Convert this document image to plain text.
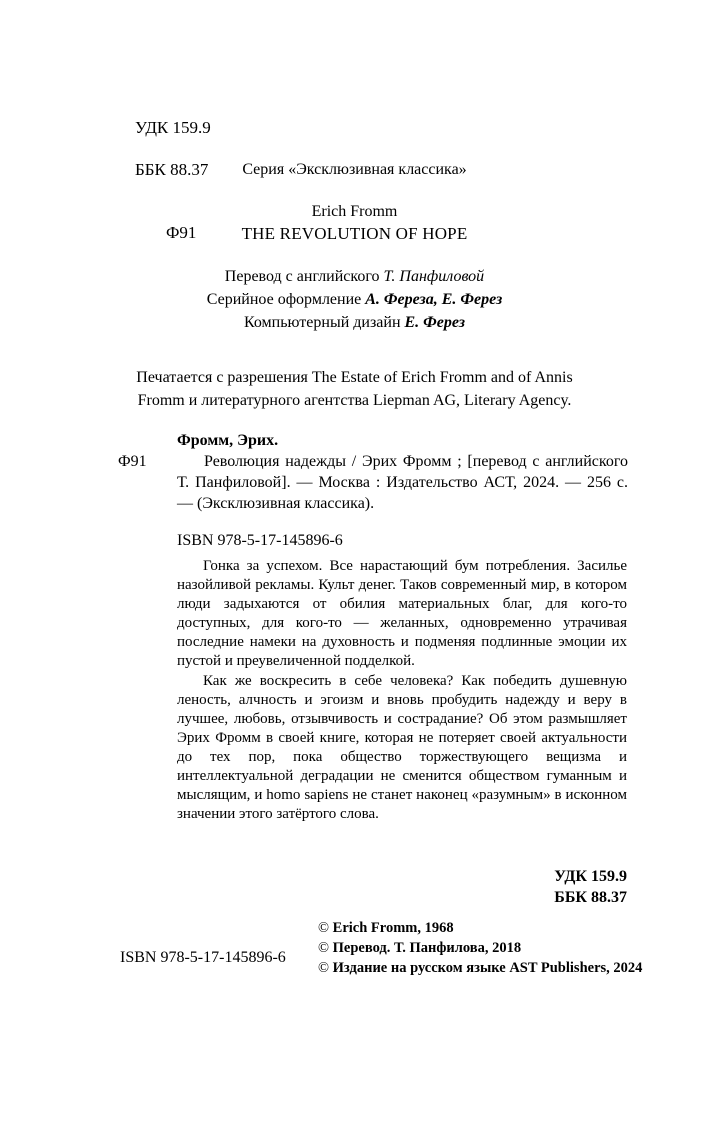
УДК 159.9

ББК 88.37

Ф91

Серия «Эксклюзивная классика»
Erich Fromm
THE REVOLUTION OF HOPE
Перевод с английского Т. Панфиловой
Серийное оформление А. Фереза, Е. Ферез
Компьютерный дизайн Е. Ферез
Печатается с разрешения The Estate of Erich Fromm and of Annis
Fromm и литературного агентства Liepman AG, Literary Agency.
Фромм, Эрих.
Ф91	Революция надежды / Эрих Фромм ; [перевод с английского Т. Панфиловой]. — Москва : Издательство АСТ, 2024. — 256 с. — (Эксклюзивная классика).
ISBN 978-5-17-145896-6

Гонка за успехом. Все нарастающий бум потребления. Засилье назойливой рекламы. Культ денег. Таков современный мир, в котором люди задыхаются от обилия материальных благ, для кого-то доступных, для кого-то — желанных, одновременно утрачивая последние намеки на духовность и подменяя подлинные эмоции их пустой и преувеличенной подделкой.

Как же воскресить в себе человека? Как победить душевную леность, алчность и эгоизм и вновь пробудить надежду и веру в лучшее, любовь, отзывчивость и сострадание? Об этом размышляет Эрих Фромм в своей книге, которая не потеряет своей актуальности до тех пор, пока общество торжествующего вещизма и интеллектуальной деградации не сменится обществом гуманным и мыслящим, и homo sapiens не станет наконец «разумным» в исконном значении этого затёртого слова.

УДК 159.9
ББК 88.37
ISBN 978-5-17-145896-6
© Erich Fromm, 1968
© Перевод. Т. Панфилова, 2018
© Издание на русском языке AST Publishers, 2024
